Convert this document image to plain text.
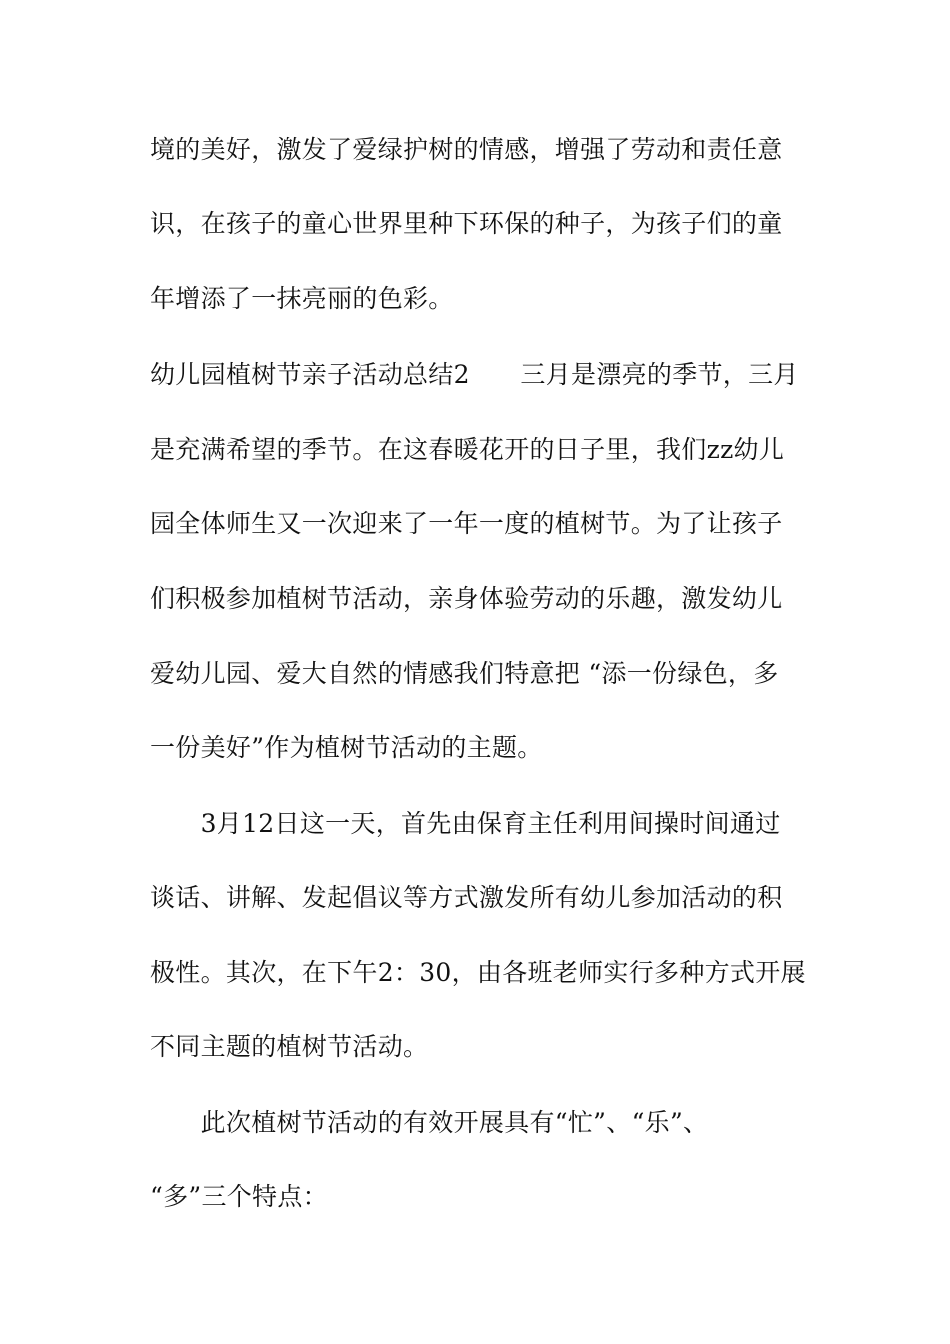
境的美好，激发了爱绿护树的情感，增强了劳动和责任意
识，在孩子的童心世界里种下环保的种子，为孩子们的童
年增添了一抹亮丽的色彩。
幼儿园植树节亲子活动总结2　　三月是漂亮的季节，三月
是充满希望的季节。在这春暖花开的日子里，我们zz幼儿
园全体师生又一次迎来了一年一度的植树节。为了让孩子
们积极参加植树节活动，亲身体验劳动的乐趣，激发幼儿
爱幼儿园、爱大自然的情感我们特意把 “添一份绿色，多
一份美好”作为植树节活动的主题。
　　3月12日这一天，首先由保育主任利用间操时间通过
谈话、讲解、发起倡议等方式激发所有幼儿参加活动的积
极性。其次，在下午2：30，由各班老师实行多种方式开展
不同主题的植树节活动。
　　此次植树节活动的有效开展具有“忙”、“乐”、
“多”三个特点：
